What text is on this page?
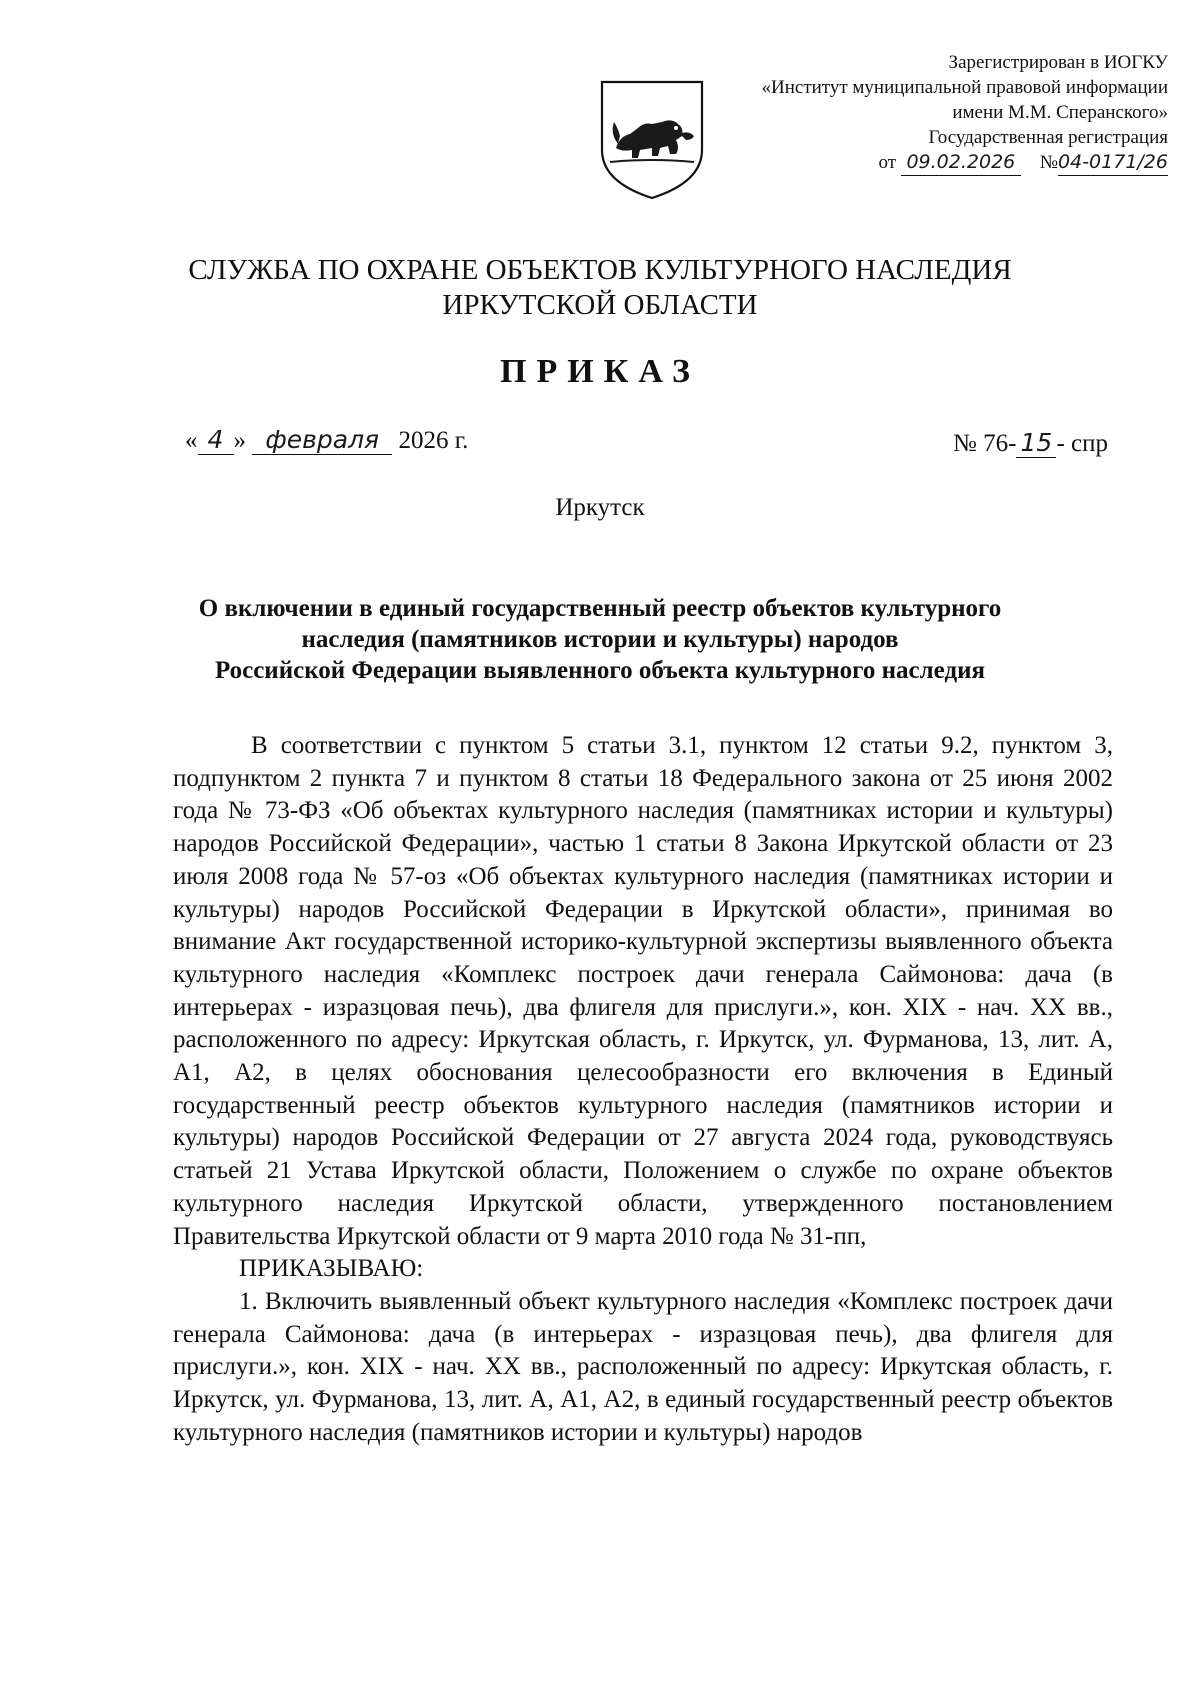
Зарегистрирован в ИОГКУ
«Институт муниципальной правовой информации
имени М.М. Сперанского»
Государственная регистрация
от 09.02.2026 №04-0171/26
СЛУЖБА ПО ОХРАНЕ ОБЪЕКТОВ КУЛЬТУРНОГО НАСЛЕДИЯ
ИРКУТСКОЙ ОБЛАСТИ
ПРИКАЗ
« 4 » февраля 2026 г.	№ 76- 15 - спр
Иркутск
О включении в единый государственный реестр объектов культурного
наследия (памятников истории и культуры) народов
Российской Федерации выявленного объекта культурного наследия

В соответствии с пунктом 5 статьи 3.1, пунктом 12 статьи 9.2, пунктом 3, подпунктом 2 пункта 7 и пунктом 8 статьи 18 Федерального закона от 25 июня 2002 года № 73-ФЗ «Об объектах культурного наследия (памятниках истории и культуры) народов Российской Федерации», частью 1 статьи 8 Закона Иркутской области от 23 июля 2008 года № 57-оз «Об объектах культурного наследия (памятниках истории и культуры) народов Российской Федерации в Иркутской области», принимая во внимание Акт государственной историко-культурной экспертизы выявленного объекта культурного наследия «Комплекс построек дачи генерала Саймонова: дача (в интерьерах - изразцовая печь), два флигеля для прислуги.», кон. XIX - нач. XX вв., расположенного по адресу: Иркутская область, г. Иркутск, ул. Фурманова, 13, лит. А, А1, А2, в целях обоснования целесообразности его включения в Единый государственный реестр объектов культурного наследия (памятников истории и культуры) народов Российской Федерации от 27 августа 2024 года, руководствуясь статьей 21 Устава Иркутской области, Положением о службе по охране объектов культурного наследия Иркутской области, утвержденного постановлением Правительства Иркутской области от 9 марта 2010 года № 31-пп,

ПРИКАЗЫВАЮ:

1. Включить выявленный объект культурного наследия «Комплекс построек дачи генерала Саймонова: дача (в интерьерах - изразцовая печь), два флигеля для прислуги.», кон. XIX - нач. XX вв., расположенный по адресу: Иркутская область, г. Иркутск, ул. Фурманова, 13, лит. А, А1, А2, в единый государственный реестр объектов культурного наследия (памятников истории и культуры) народов
